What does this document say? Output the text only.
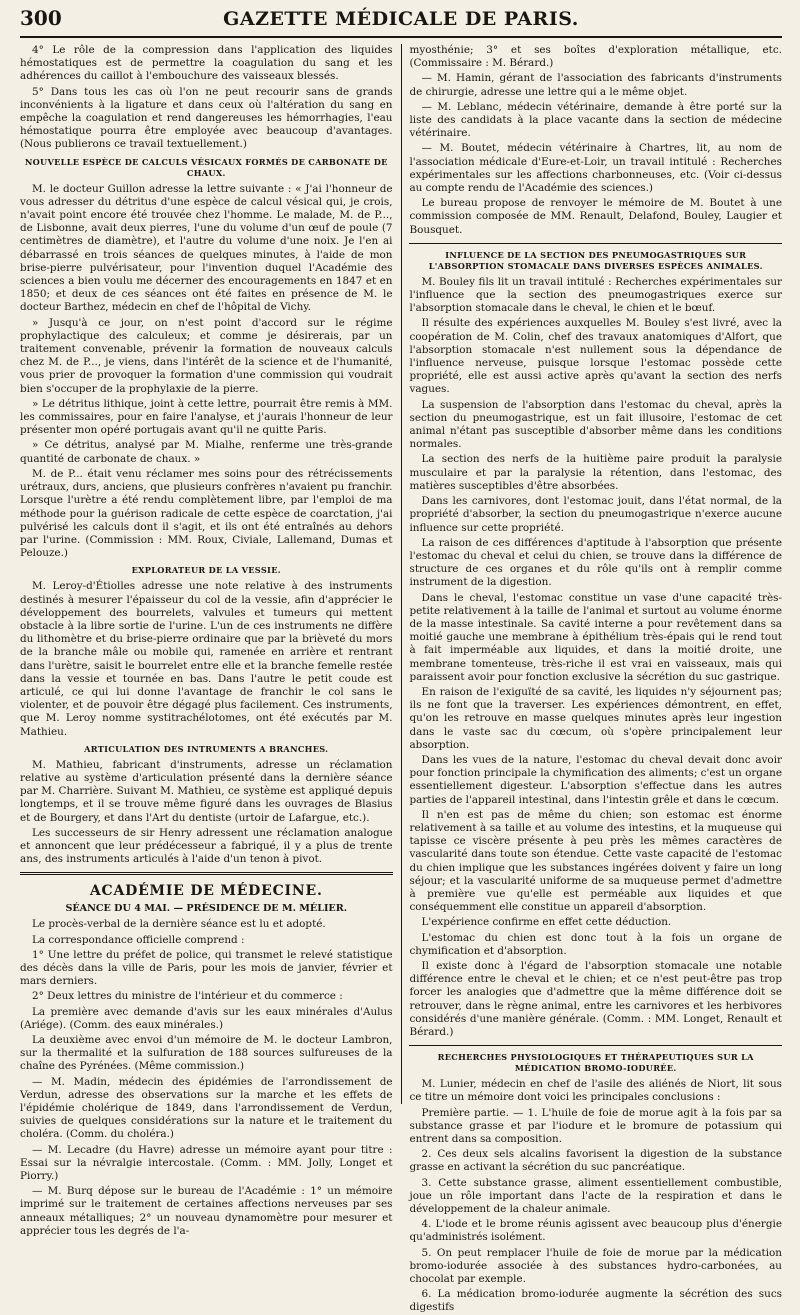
300	GAZETTE MÉDICALE DE PARIS.

4° Le rôle de la compression dans l'application des liquides hémostatiques est de permettre la coagulation du sang et les adhérences du caillot à l'embouchure des vaisseaux blessés.

5° Dans tous les cas où l'on ne peut recourir sans de grands inconvénients à la ligature et dans ceux où l'altération du sang en empêche la coagulation et rend dangereuses les hémorrhagies, l'eau hémostatique pourra être employée avec beaucoup d'avantages. (Nous publierons ce travail textuellement.)

NOUVELLE ESPÈCE DE CALCULS VÉSICAUX FORMÉS DE CARBONATE DE CHAUX.

M. le docteur Guillon adresse la lettre suivante : « J'ai l'honneur de vous adresser du détritus d'une espèce de calcul vésical qui, je crois, n'avait point encore été trouvée chez l'homme. Le malade, M. de P..., de Lisbonne, avait deux pierres, l'une du volume d'un œuf de poule (7 centimètres de diamètre), et l'autre du volume d'une noix. Je l'en ai débarrassé en trois séances de quelques minutes, à l'aide de mon brise-pierre pulvérisateur, pour l'invention duquel l'Académie des sciences a bien voulu me décerner des encouragements en 1847 et en 1850; et deux de ces séances ont été faites en présence de M. le docteur Barthez, médecin en chef de l'hôpital de Vichy.

» Jusqu'à ce jour, on n'est point d'accord sur le régime prophylactique des calculeux; et comme je désirerais, par un traitement convenable, prévenir la formation de nouveaux calculs chez M. de P..., je viens, dans l'intérêt de la science et de l'humanité, vous prier de provoquer la formation d'une commission qui voudrait bien s'occuper de la prophylaxie de la pierre.

» Le détritus lithique, joint à cette lettre, pourrait être remis à MM. les commissaires, pour en faire l'analyse, et j'aurais l'honneur de leur présenter mon opéré portugais avant qu'il ne quitte Paris.

» Ce détritus, analysé par M. Mialhe, renferme une très-grande quantité de carbonate de chaux. »

M. de P... était venu réclamer mes soins pour des rétrécissements urétraux, durs, anciens, que plusieurs confrères n'avaient pu franchir. Lorsque l'urètre a été rendu complètement libre, par l'emploi de ma méthode pour la guérison radicale de cette espèce de coarctation, j'ai pulvérisé les calculs dont il s'agit, et ils ont été entraînés au dehors par l'urine. (Commission : MM. Roux, Civiale, Lallemand, Dumas et Pelouze.)

EXPLORATEUR DE LA VESSIE.

M. Leroy-d'Étiolles adresse une note relative à des instruments destinés à mesurer l'épaisseur du col de la vessie, afin d'apprécier le développement des bourrelets, valvules et tumeurs qui mettent obstacle à la libre sortie de l'urine. L'un de ces instruments ne diffère du lithomètre et du brise-pierre ordinaire que par la brièveté du mors de la branche mâle ou mobile qui, ramenée en arrière et rentrant dans l'urètre, saisit le bourrelet entre elle et la branche femelle restée dans la vessie et tournée en bas. Dans l'autre le petit coude est articulé, ce qui lui donne l'avantage de franchir le col sans le violenter, et de pouvoir être dégagé plus facilement. Ces instruments, que M. Leroy nomme systitrachélotomes, ont été exécutés par M. Mathieu.

ARTICULATION DES INTRUMENTS A BRANCHES.

M. Mathieu, fabricant d'instruments, adresse un réclamation relative au système d'articulation présenté dans la dernière séance par M. Charrière. Suivant M. Mathieu, ce système est appliqué depuis longtemps, et il se trouve même figuré dans les ouvrages de Blasius et de Bourgery, et dans l'Art du dentiste (urtoir de Lafargue, etc.).

Les successeurs de sir Henry adressent une réclamation analogue et annoncent que leur prédécesseur a fabriqué, il y a plus de trente ans, des instruments articulés à l'aide d'un tenon à pivot.

ACADÉMIE DE MÉDECINE.
SÉANCE DU 4 MAI. — PRÉSIDENCE DE M. MÉLIER.

Le procès-verbal de la dernière séance est lu et adopté.

La correspondance officielle comprend :

1° Une lettre du préfet de police, qui transmet le relevé statistique des décès dans la ville de Paris, pour les mois de janvier, février et mars derniers.

2° Deux lettres du ministre de l'intérieur et du commerce :

La première avec demande d'avis sur les eaux minérales d'Aulus (Ariége). (Comm. des eaux minérales.)

La deuxième avec envoi d'un mémoire de M. le docteur Lambron, sur la thermalité et la sulfuration de 188 sources sulfureuses de la chaîne des Pyrénées. (Même commission.)

— M. Madin, médecin des épidémies de l'arrondissement de Verdun, adresse des observations sur la marche et les effets de l'épidémie cholérique de 1849, dans l'arrondissement de Verdun, suivies de quelques considérations sur la nature et le traitement du choléra. (Comm. du choléra.)

— M. Lecadre (du Havre) adresse un mémoire ayant pour titre : Essai sur la névralgie intercostale. (Comm. : MM. Jolly, Longet et Piorry.)

— M. Burq dépose sur le bureau de l'Académie : 1° un mémoire imprimé sur le traitement de certaines affections nerveuses par ses anneaux métalliques; 2° un nouveau dynamomètre pour mesurer et apprécier tous les degrés de l'a-

myosthénie; 3° et ses boîtes d'exploration métallique, etc. (Commissaire : M. Bérard.)

— M. Hamin, gérant de l'association des fabricants d'instruments de chirurgie, adresse une lettre qui a le même objet.

— M. Leblanc, médecin vétérinaire, demande à être porté sur la liste des candidats à la place vacante dans la section de médecine vétérinaire.

— M. Boutet, médecin vétérinaire à Chartres, lit, au nom de l'association médicale d'Eure-et-Loir, un travail intitulé : Recherches expérimentales sur les affections charbonneuses, etc. (Voir ci-dessus au compte rendu de l'Académie des sciences.)

Le bureau propose de renvoyer le mémoire de M. Boutet à une commission composée de MM. Renault, Delafond, Bouley, Laugier et Bousquet.

INFLUENCE DE LA SECTION DES PNEUMOGASTRIQUES SUR L'ABSORPTION STOMACALE DANS DIVERSES ESPÈCES ANIMALES.

M. Bouley fils lit un travail intitulé : Recherches expérimentales sur l'influence que la section des pneumogastriques exerce sur l'absorption stomacale dans le cheval, le chien et le bœuf.

Il résulte des expériences auxquelles M. Bouley s'est livré, avec la coopération de M. Colin, chef des travaux anatomiques d'Alfort, que l'absorption stomacale n'est nullement sous la dépendance de l'influence nerveuse, puisque lorsque l'estomac possède cette propriété, elle est aussi active après qu'avant la section des nerfs vagues.

La suspension de l'absorption dans l'estomac du cheval, après la section du pneumogastrique, est un fait illusoire, l'estomac de cet animal n'étant pas susceptible d'absorber même dans les conditions normales.

La section des nerfs de la huitième paire produit la paralysie musculaire et par la paralysie la rétention, dans l'estomac, des matières susceptibles d'être absorbées.

Dans les carnivores, dont l'estomac jouit, dans l'état normal, de la propriété d'absorber, la section du pneumogastrique n'exerce aucune influence sur cette propriété.

La raison de ces différences d'aptitude à l'absorption que présente l'estomac du cheval et celui du chien, se trouve dans la différence de structure de ces organes et du rôle qu'ils ont à remplir comme instrument de la digestion.

Dans le cheval, l'estomac constitue un vase d'une capacité très-petite relativement à la taille de l'animal et surtout au volume énorme de la masse intestinale. Sa cavité interne a pour revêtement dans sa moitié gauche une membrane à épithélium très-épais qui le rend tout à fait imperméable aux liquides, et dans la moitié droite, une membrane tomenteuse, très-riche il est vrai en vaisseaux, mais qui paraissent avoir pour fonction exclusive la sécrétion du suc gastrique.

En raison de l'exiguïté de sa cavité, les liquides n'y séjournent pas; ils ne font que la traverser. Les expériences démontrent, en effet, qu'on les retrouve en masse quelques minutes après leur ingestion dans le vaste sac du cœcum, où s'opère principalement leur absorption.

Dans les vues de la nature, l'estomac du cheval devait donc avoir pour fonction principale la chymification des aliments; c'est un organe essentiellement digesteur. L'absorption s'effectue dans les autres parties de l'appareil intestinal, dans l'intestin grêle et dans le cœcum.

Il n'en est pas de même du chien; son estomac est énorme relativement à sa taille et au volume des intestins, et la muqueuse qui tapisse ce viscère présente à peu près les mêmes caractères de vascularité dans toute son étendue. Cette vaste capacité de l'estomac du chien implique que les substances ingérées doivent y faire un long séjour; et la vascularité uniforme de sa muqueuse permet d'admettre à première vue qu'elle est perméable aux liquides et que conséquemment elle constitue un appareil d'absorption.

L'expérience confirme en effet cette déduction.

L'estomac du chien est donc tout à la fois un organe de chymification et d'absorption.

Il existe donc à l'égard de l'absorption stomacale une notable différence entre le cheval et le chien; et ce n'est peut-être pas trop forcer les analogies que d'admettre que la même différence doit se retrouver, dans le règne animal, entre les carnivores et les herbivores considérés d'une manière générale. (Comm. : MM. Longet, Renault et Bérard.)

RECHERCHES PHYSIOLOGIQUES ET THÉRAPEUTIQUES SUR LA MÉDICATION BROMO-IODURÉE.

M. Lunier, médecin en chef de l'asile des aliénés de Niort, lit sous ce titre un mémoire dont voici les principales conclusions :

Première partie. — 1. L'huile de foie de morue agit à la fois par sa substance grasse et par l'iodure et le bromure de potassium qui entrent dans sa composition.

2. Ces deux sels alcalins favorisent la digestion de la substance grasse en activant la sécrétion du suc pancréatique.

3. Cette substance grasse, aliment essentiellement combustible, joue un rôle important dans l'acte de la respiration et dans le développement de la chaleur animale.

4. L'iode et le brome réunis agissent avec beaucoup plus d'énergie qu'administrés isolément.

5. On peut remplacer l'huile de foie de morue par la médication bromo-iodurée associée à des substances hydro-carbonées, au chocolat par exemple.

6. La médication bromo-iodurée augmente la sécrétion des sucs digestifs
